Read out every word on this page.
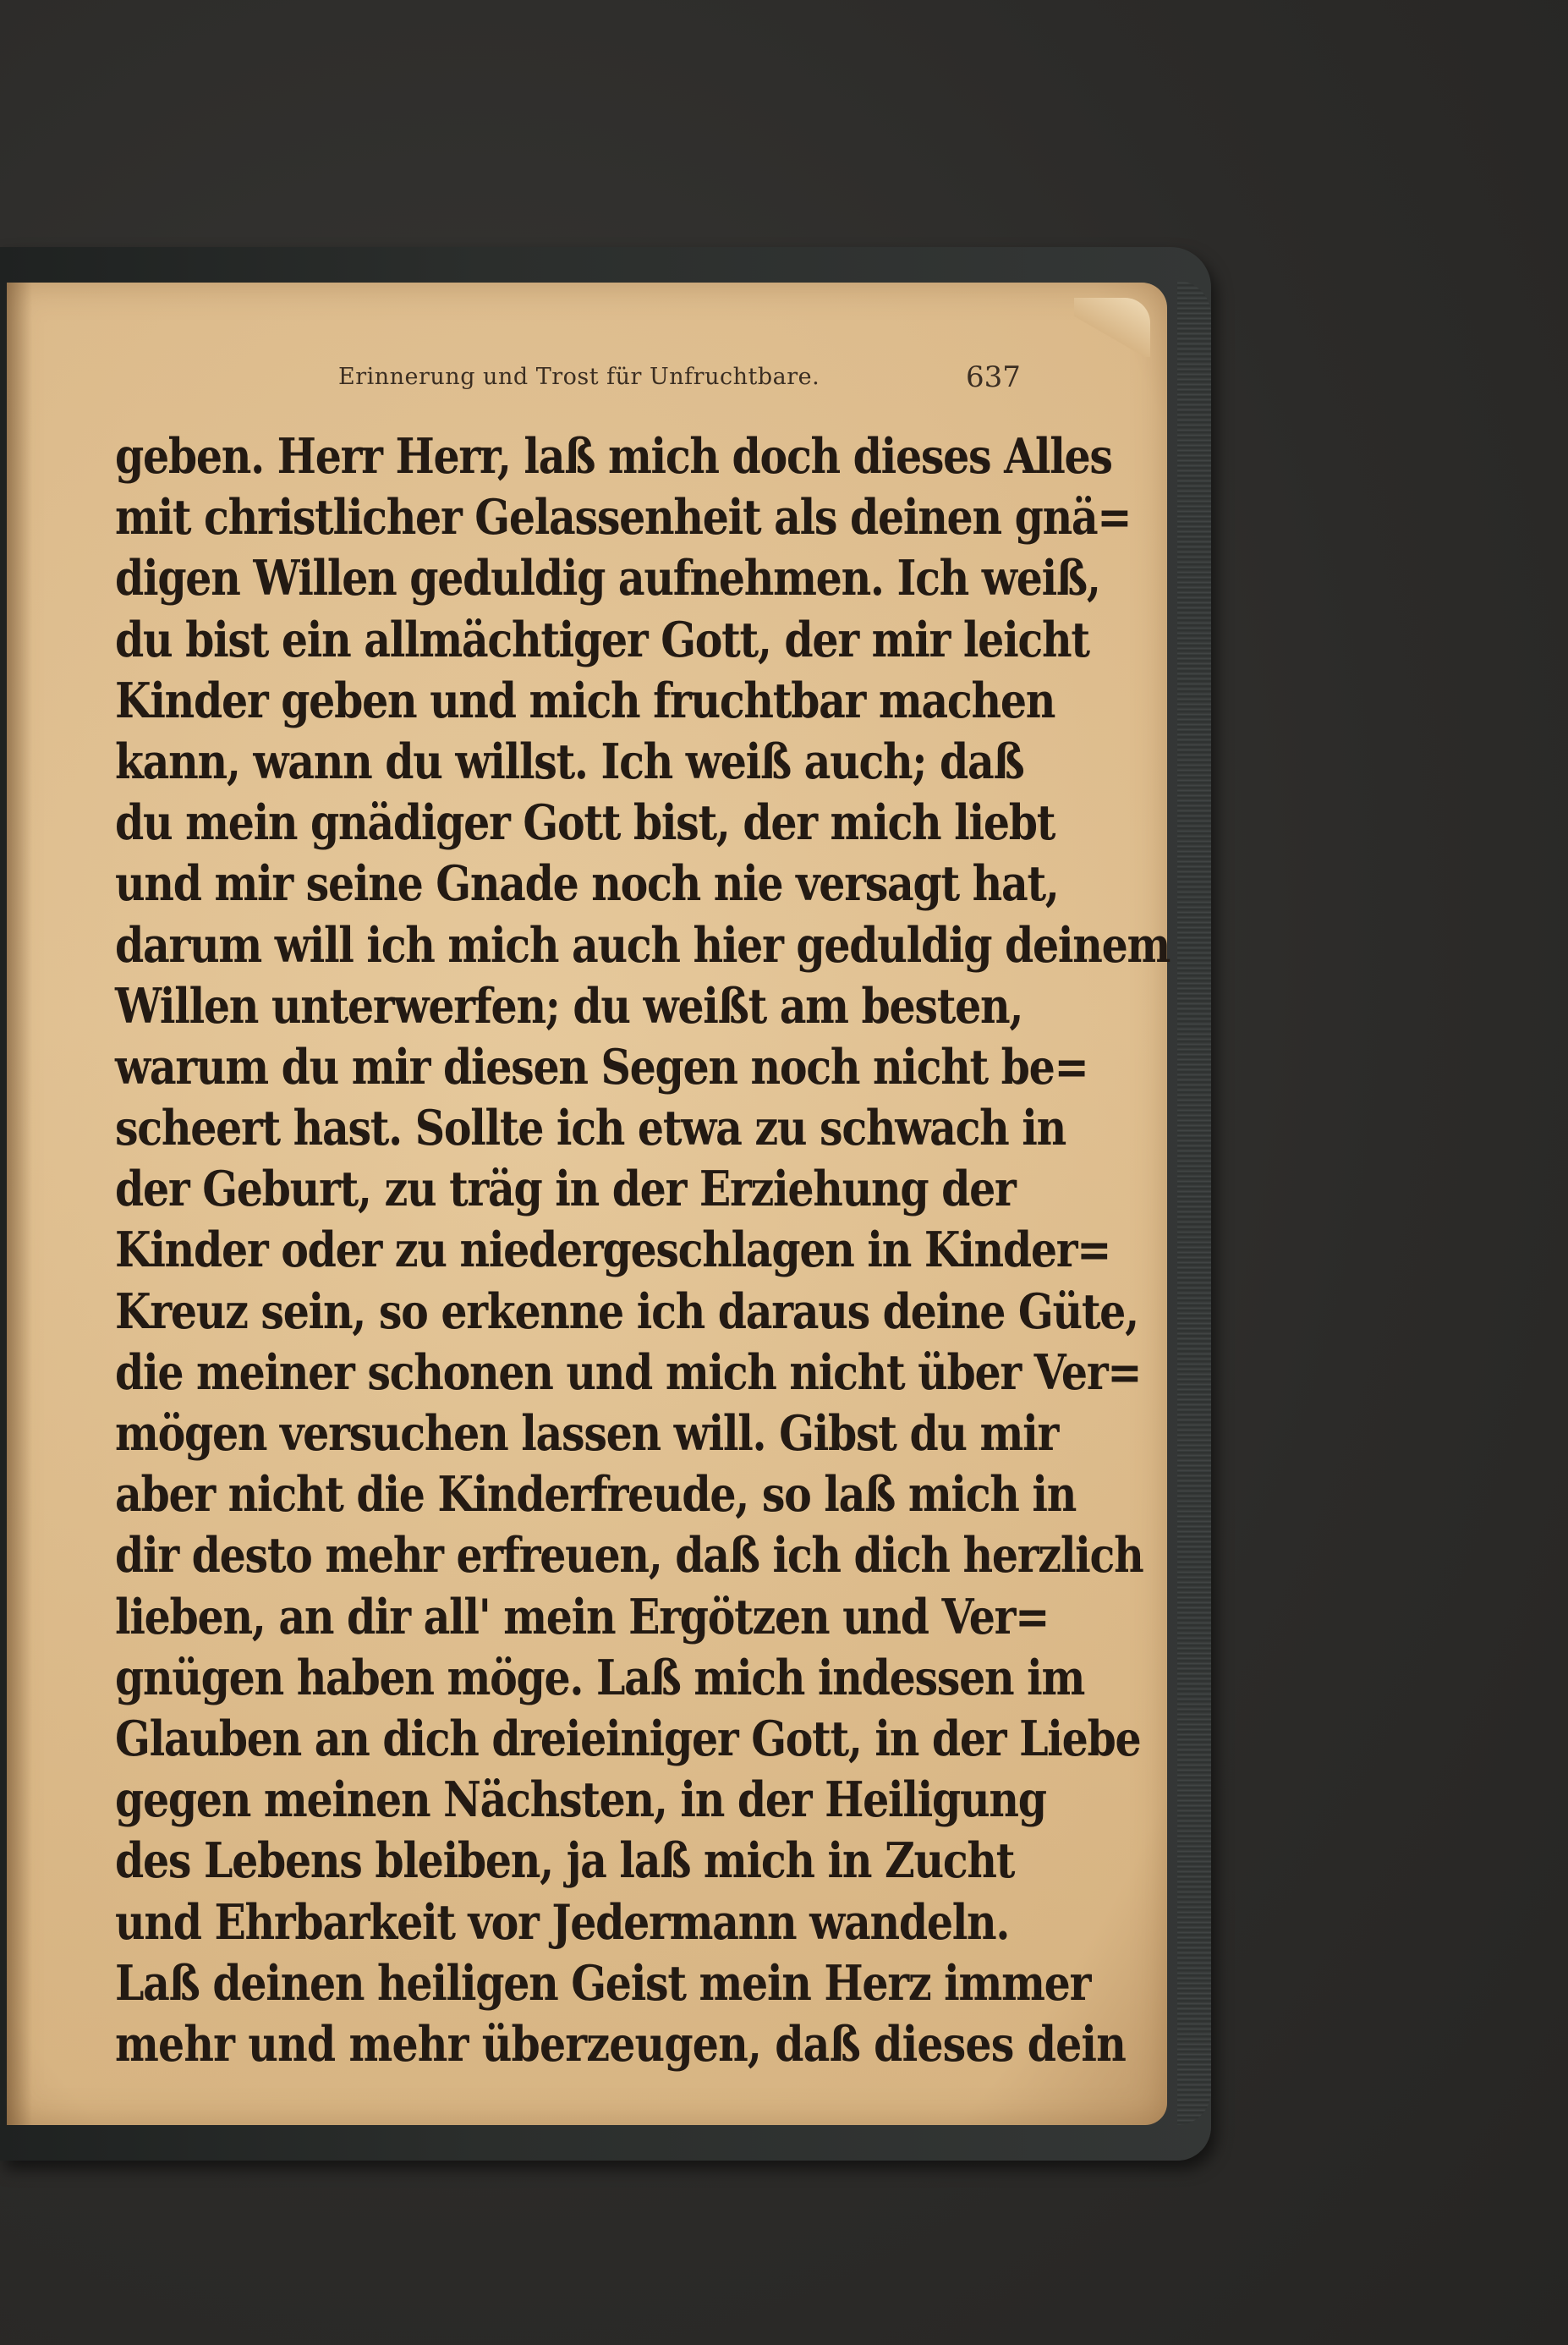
Erinnerung und Trost für Unfruchtbare.	637
geben. Herr Herr, laß mich doch dieses Alles
mit christlicher Gelassenheit als deinen gnä=
digen Willen geduldig aufnehmen. Ich weiß,
du bist ein allmächtiger Gott, der mir leicht
Kinder geben und mich fruchtbar machen
kann, wann du willst. Ich weiß auch; daß
du mein gnädiger Gott bist, der mich liebt
und mir seine Gnade noch nie versagt hat,
darum will ich mich auch hier geduldig deinem
Willen unterwerfen; du weißt am besten,
warum du mir diesen Segen noch nicht be=
scheert hast. Sollte ich etwa zu schwach in
der Geburt, zu träg in der Erziehung der
Kinder oder zu niedergeschlagen in Kinder=
Kreuz sein, so erkenne ich daraus deine Güte,
die meiner schonen und mich nicht über Ver=
mögen versuchen lassen will. Gibst du mir
aber nicht die Kinderfreude, so laß mich in
dir desto mehr erfreuen, daß ich dich herzlich
lieben, an dir all' mein Ergötzen und Ver=
gnügen haben möge. Laß mich indessen im
Glauben an dich dreieiniger Gott, in der Liebe
gegen meinen Nächsten, in der Heiligung
des Lebens bleiben, ja laß mich in Zucht
und Ehrbarkeit vor Jedermann wandeln.
Laß deinen heiligen Geist mein Herz immer
mehr und mehr überzeugen, daß dieses dein
